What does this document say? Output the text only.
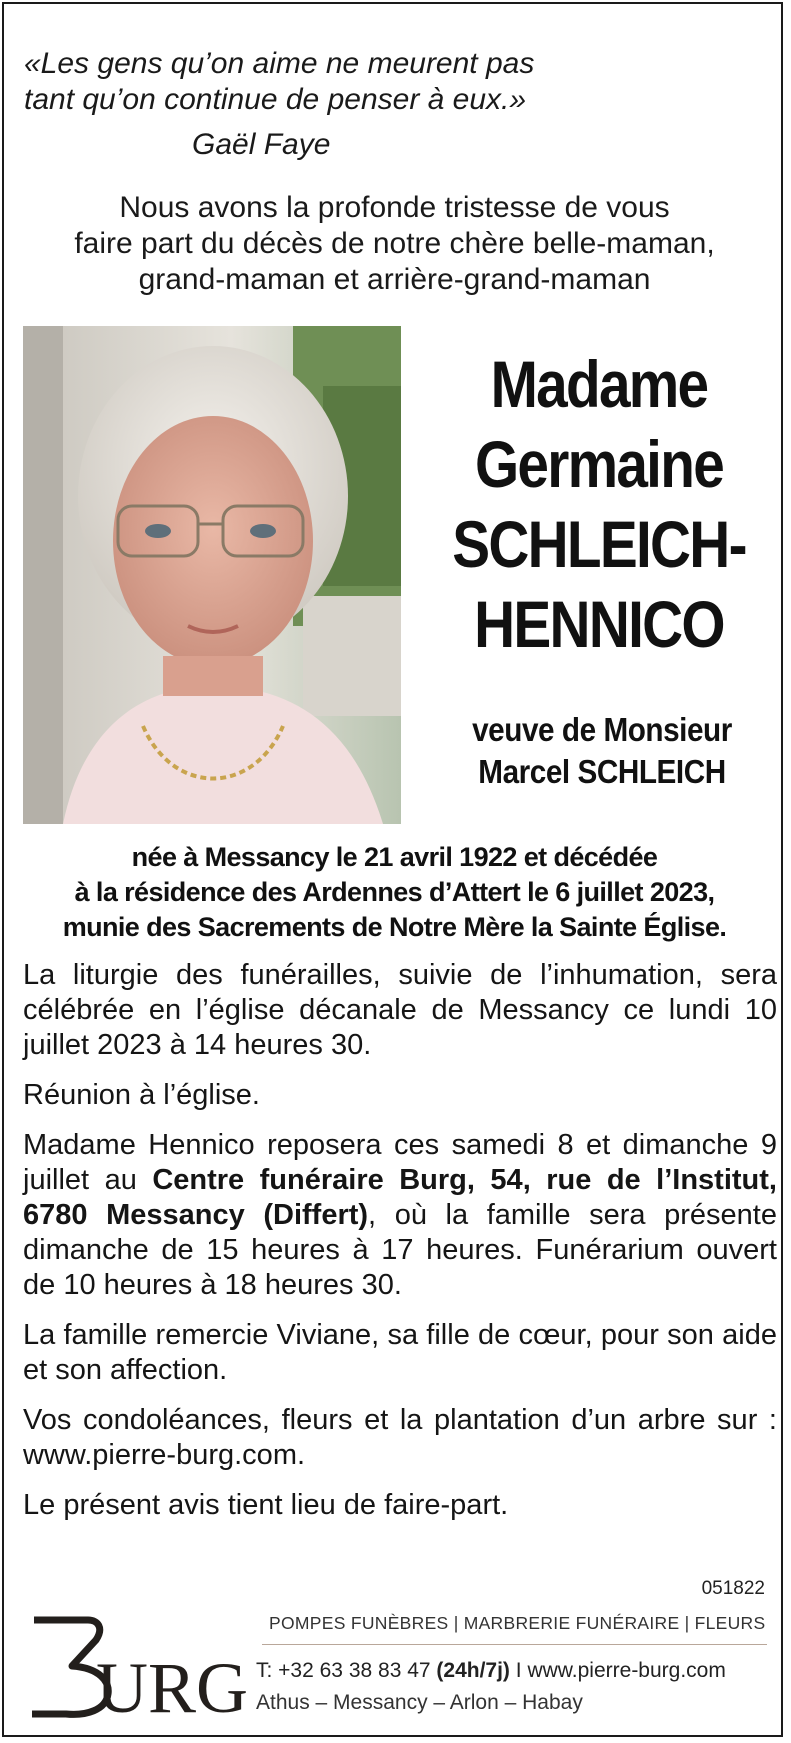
«Les gens qu’on aime ne meurent pas
tant qu’on continue de penser à eux.»
Gaël Faye
Nous avons la profonde tristesse de vous
faire part du décès de notre chère belle-maman,
grand-maman et arrière-grand-maman
Madame
Germaine
SCHLEICH-
HENNICO
veuve de Monsieur
Marcel SCHLEICH
née à Messancy le 21 avril 1922 et décédée
à la résidence des Ardennes d’Attert le 6 juillet 2023,
munie des Sacrements de Notre Mère la Sainte Église.

La liturgie des funérailles, suivie de l’inhumation, sera célébrée en l’église décanale de Messancy ce lundi 10 juillet 2023 à 14 heures 30.

Réunion à l’église.

Madame Hennico reposera ces samedi 8 et dimanche 9 juillet au Centre funéraire Burg, 54, rue de l’Institut, 6780 Messancy (Differt), où la famille sera présente dimanche de 15 heures à 17 heures. Funérarium ouvert de 10 heures à 18 heures 30.

La famille remercie Viviane, sa fille de cœur, pour son aide et son affection.

Vos condoléances, fleurs et la plantation d’un arbre sur : www.pierre-burg.com.

Le présent avis tient lieu de faire-part.

051822
URG
POMPES FUNÈBRES | MARBRERIE FUNÉRAIRE | FLEURS
T: +32 63 38 83 47 (24h/7j) I www.pierre-burg.com
Athus – Messancy – Arlon – Habay
